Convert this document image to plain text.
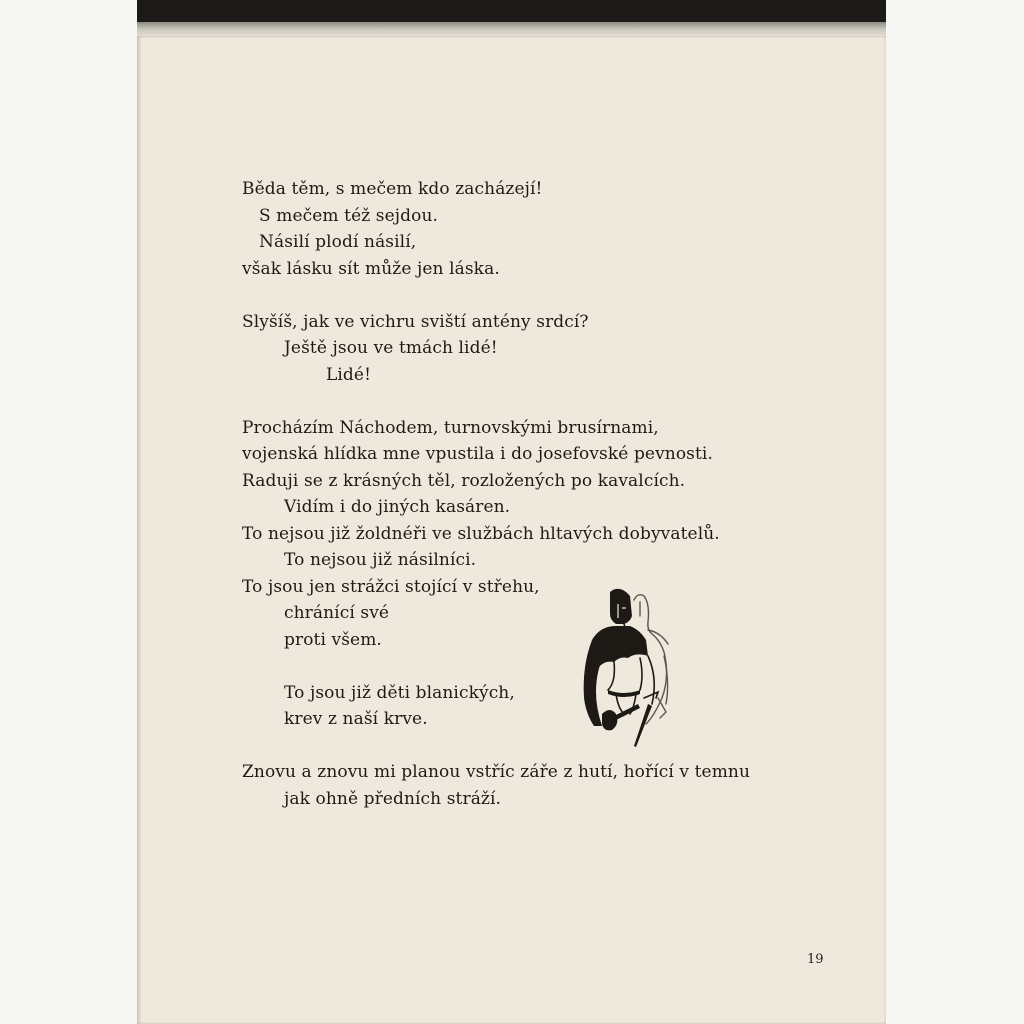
Běda těm, s mečem kdo zacházejí!
S mečem též sejdou.
Násilí plodí násilí,
však lásku sít může jen láska.
Slyšíš, jak ve vichru sviští antény srdcí?
Ještě jsou ve tmách lidé!
Lidé!
Procházím Náchodem, turnovskými brusírnami,
vojenská hlídka mne vpustila i do josefovské pevnosti.
Raduji se z krásných těl, rozložených po kavalcích.
Vidím i do jiných kasáren.
To nejsou již žoldnéři ve službách hltavých dobyvatelů.
To nejsou již násilníci.
To jsou jen strážci stojící v střehu,
chránící své
proti všem.
To jsou již děti blanických,
krev z naší krve.
Znovu a znovu mi planou vstříc záře z hutí, hořící v temnu
jak ohně předních stráží.
19
